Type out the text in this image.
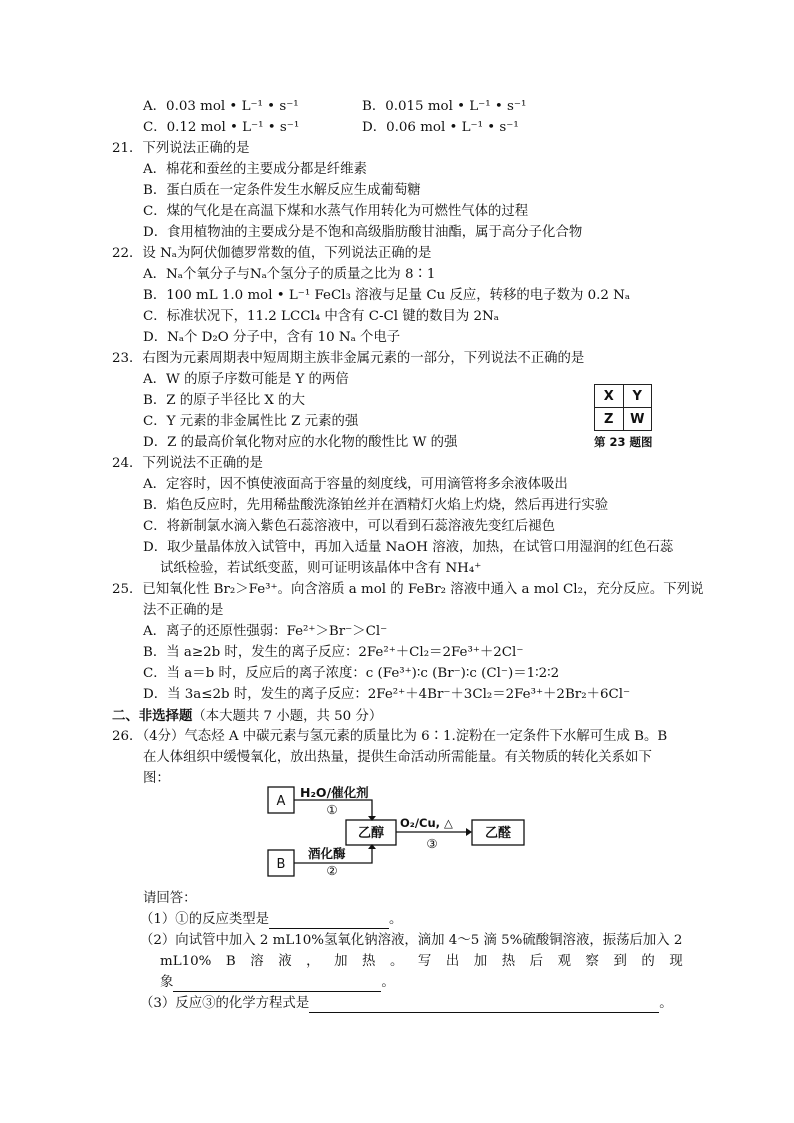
A．0.03 mol • L⁻¹ • s⁻¹	B．0.015 mol • L⁻¹ • s⁻¹
C．0.12 mol • L⁻¹ • s⁻¹	D．0.06 mol • L⁻¹ • s⁻¹
21．下列说法正确的是
A．棉花和蚕丝的主要成分都是纤维素
B．蛋白质在一定条件发生水解反应生成葡萄糖
C．煤的气化是在高温下煤和水蒸气作用转化为可燃性气体的过程
D．食用植物油的主要成分是不饱和高级脂肪酸甘油酯，属于高分子化合物
22．设 Nₐ为阿伏伽德罗常数的值，下列说法正确的是
A．Nₐ个氧分子与Nₐ个氢分子的质量之比为 8∶1
B．100 mL 1.0 mol • L⁻¹ FeCl₃ 溶液与足量 Cu 反应，转移的电子数为 0.2 Nₐ
C．标准状况下，11.2 LCCl₄ 中含有 C-Cl 键的数目为 2Nₐ
D．Nₐ个 D₂O 分子中，含有 10 Nₐ 个电子
23．右图为元素周期表中短周期主族非金属元素的一部分，下列说法不正确的是
A．W 的原子序数可能是 Y 的两倍
B．Z 的原子半径比 X 的大
C．Y 元素的非金属性比 Z 元素的强
D．Z 的最高价氧化物对应的水化物的酸性比 W 的强
X	Y
Z	W
第 23 题图
24．下列说法不正确的是
A．定容时，因不慎使液面高于容量的刻度线，可用滴管将多余液体吸出
B．焰色反应时，先用稀盐酸洗涤铂丝并在酒精灯火焰上灼烧，然后再进行实验
C．将新制氯水滴入紫色石蕊溶液中，可以看到石蕊溶液先变红后褪色
D．取少量晶体放入试管中，再加入适量 NaOH 溶液，加热，在试管口用湿润的红色石蕊
试纸检验，若试纸变蓝，则可证明该晶体中含有 NH₄⁺
25．已知氧化性 Br₂＞Fe³⁺。向含溶质 a mol 的 FeBr₂ 溶液中通入 a mol Cl₂，充分反应。下列说
法不正确的是
A．离子的还原性强弱：Fe²⁺＞Br⁻＞Cl⁻
B．当 a≥2b 时，发生的离子反应：2Fe²⁺＋Cl₂＝2Fe³⁺＋2Cl⁻
C．当 a＝b 时，反应后的离子浓度：c (Fe³⁺)∶c (Br⁻)∶c (Cl⁻)＝1∶2∶2
D．当 3a≤2b 时，发生的离子反应：2Fe²⁺＋4Br⁻＋3Cl₂＝2Fe³⁺＋2Br₂＋6Cl⁻
二、非选择题（本大题共 7 小题，共 50 分）
26．（4分）气态烃 A 中碳元素与氢元素的质量比为 6∶1.淀粉在一定条件下水解可生成 B。B
在人体组织中缓慢氧化，放出热量，提供生命活动所需能量。有关物质的转化关系如下
图：
A
B
H₂O/催化剂
①
酒化酶
②
乙醇
O₂/Cu, △
③
乙醛
请回答：
（1）①的反应类型是	。
（2）向试管中加入 2 mL10%氢氧化钠溶液，滴加 4～5 滴 5%硫酸铜溶液，振荡后加入 2
mL10% B 溶 液 ， 加 热 。 写 出 加 热 后 观 察 到 的 现
象	。
（3）反应③的化学方程式是	。
